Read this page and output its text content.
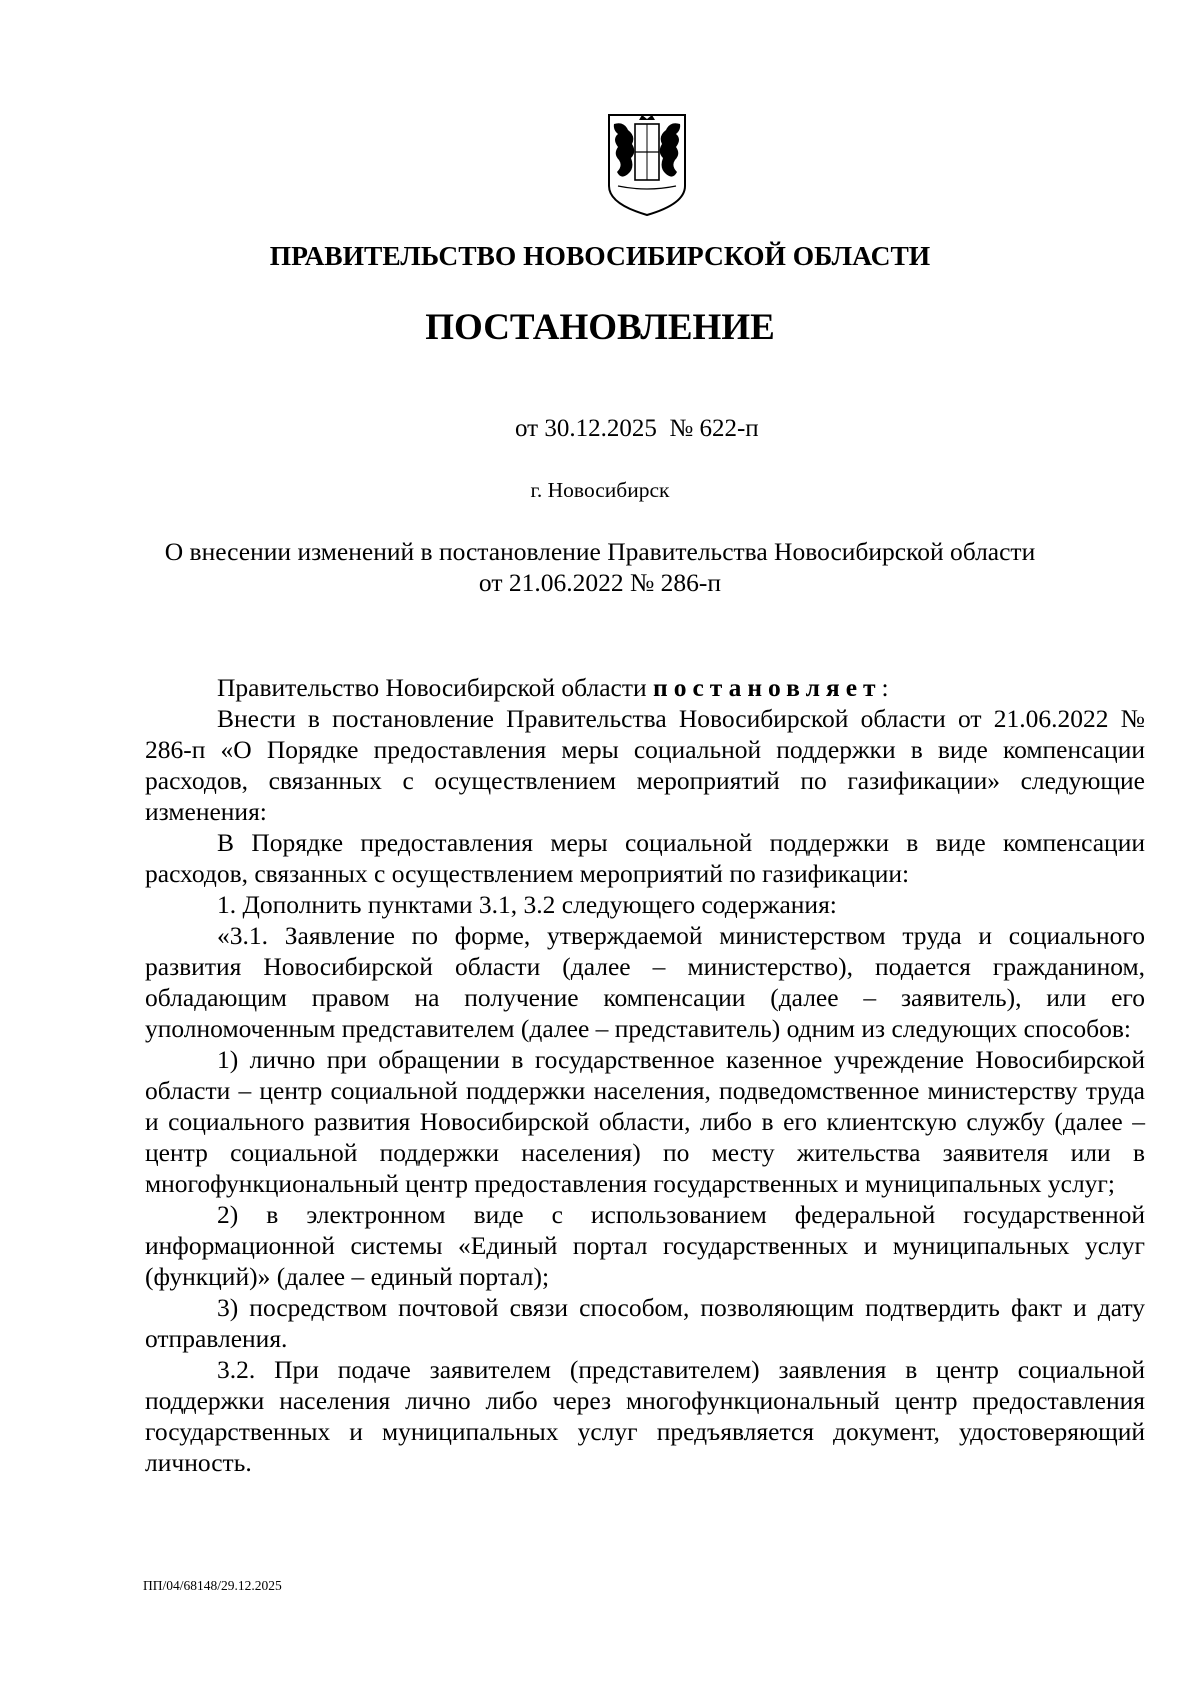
ПРАВИТЕЛЬСТВО НОВОСИБИРСКОЙ ОБЛАСТИ
ПОСТАНОВЛЕНИЕ
от 30.12.2025  № 622-п
г. Новосибирск
О внесении изменений в постановление Правительства Новосибирской области
от 21.06.2022 № 286-п

Правительство Новосибирской области постановляет:

Внести в постановление Правительства Новосибирской области от 21.06.2022 № 286-п «О Порядке предоставления меры социальной поддержки в виде компенсации расходов, связанных с осуществлением мероприятий по газификации» следующие изменения:

В Порядке предоставления меры социальной поддержки в виде компенсации расходов, связанных с осуществлением мероприятий по газификации:

1. Дополнить пунктами 3.1, 3.2 следующего содержания:

«3.1. Заявление по форме, утверждаемой министерством труда и социального развития Новосибирской области (далее – министерство), подается гражданином, обладающим правом на получение компенсации (далее – заявитель), или его уполномоченным представителем (далее – представитель) одним из следующих способов:

1) лично при обращении в государственное казенное учреждение Новосибирской области – центр социальной поддержки населения, подведомственное министерству труда и социального развития Новосибирской области, либо в его клиентскую службу (далее – центр социальной поддержки населения) по месту жительства заявителя или в многофункциональный центр предоставления государственных и муниципальных услуг;

2) в электронном виде с использованием федеральной государственной информационной системы «Единый портал государственных и муниципальных услуг (функций)» (далее – единый портал);

3) посредством почтовой связи способом, позволяющим подтвердить факт и дату отправления.

3.2. При подаче заявителем (представителем) заявления в центр социальной поддержки населения лично либо через многофункциональный центр предоставления государственных и муниципальных услуг предъявляется документ, удостоверяющий личность.

ПП/04/68148/29.12.2025
